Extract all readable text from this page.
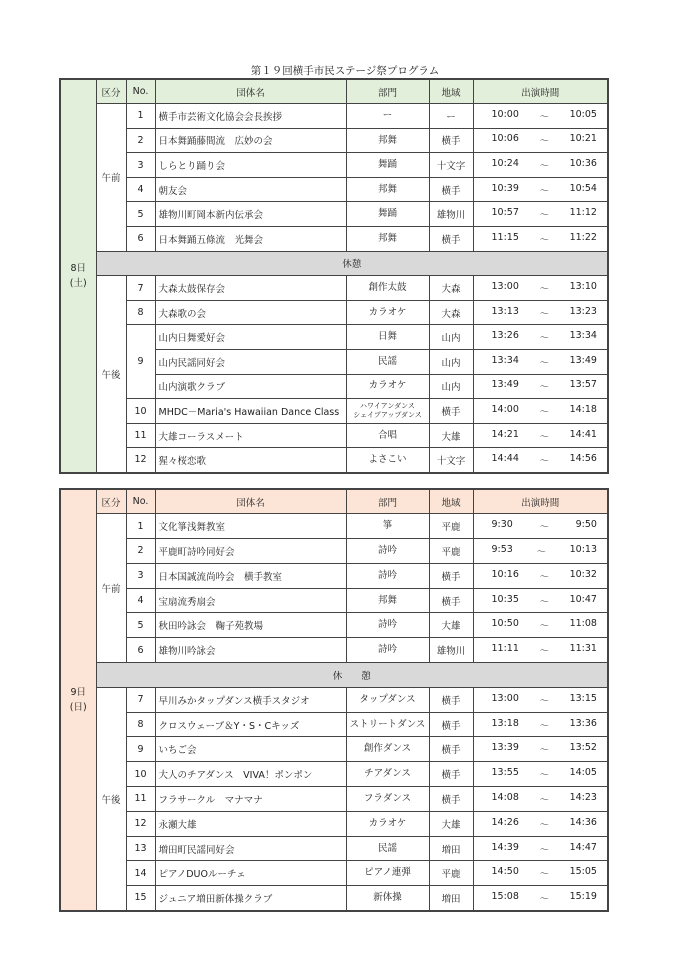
第１９回横手市民ステージ祭プログラム
8日
(土)	区分	No.	団体名	部門	地域	出演時間
	午前	1	横手市芸術文化協会会長挨拶	ー	ー	10:00 ～ 10:05

		2	日本舞踊藤間流　広妙の会	邦舞	横手	10:06 ～ 10:21

		3	しらとり踊り会	舞踊	十文字	10:24 ～ 10:36

		4	朝友会	邦舞	横手	10:39 ～ 10:54

		5	雄物川町岡本新内伝承会	舞踊	雄物川	10:57 ～ 11:12

		6	日本舞踊五條流　光舞会	邦舞	横手	11:15 ～ 11:22

	休憩					
	午後	7	大森太鼓保存会	創作太鼓	大森	13:00 ～ 13:10

		8	大森歌の会	カラオケ	大森	13:13 ～ 13:23

		9	山内日舞愛好会	日舞	山内	13:26 ～ 13:34

			山内民謡同好会	民謡	山内	13:34 ～ 13:49

			山内演歌クラブ	カラオケ	山内	13:49 ～ 13:57

		10	MHDC－Maria's Hawaiian Dance Class	ハワイアンダンス
シェイプアップダンス	横手	14:00 ～ 14:18

		11	大雄コーラスメート	合唱	大雄	14:21 ～ 14:41

		12	猩々桜恋歌	よさこい	十文字	14:44 ～ 14:56
9日
(日)	区分	No.	団体名	部門	地域	出演時間
	午前	1	文化箏浅舞教室	箏	平鹿	9:30 ～ 9:50

		2	平鹿町詩吟同好会	詩吟	平鹿	9:53 ～ 10:13

		3	日本国誠流尚吟会　横手教室	詩吟	横手	10:16 ～ 10:32

		4	宝扇流秀扇会	邦舞	横手	10:35 ～ 10:47

		5	秋田吟詠会　鞠子苑教場	詩吟	大雄	10:50 ～ 11:08

		6	雄物川吟詠会	詩吟	雄物川	11:11 ～ 11:31

	休　　憩					
	午後	7	早川みかタップダンス横手スタジオ	タップダンス	横手	13:00 ～ 13:15

		8	クロスウェーブ＆Y・S・Cキッズ	ストリートダンス	横手	13:18 ～ 13:36

		9	いちご会	創作ダンス	横手	13:39 ～ 13:52

		10	大人のチアダンス　VIVA！ポンポン	チアダンス	横手	13:55 ～ 14:05

		11	フラサークル　マナマナ	フラダンス	横手	14:08 ～ 14:23

		12	永瀬大雄	カラオケ	大雄	14:26 ～ 14:36

		13	増田町民謡同好会	民謡	増田	14:39 ～ 14:47

		14	ピアノDUOルーチェ	ピアノ連弾	平鹿	14:50 ～ 15:05

		15	ジュニア増田新体操クラブ	新体操	増田	15:08 ～ 15:19
